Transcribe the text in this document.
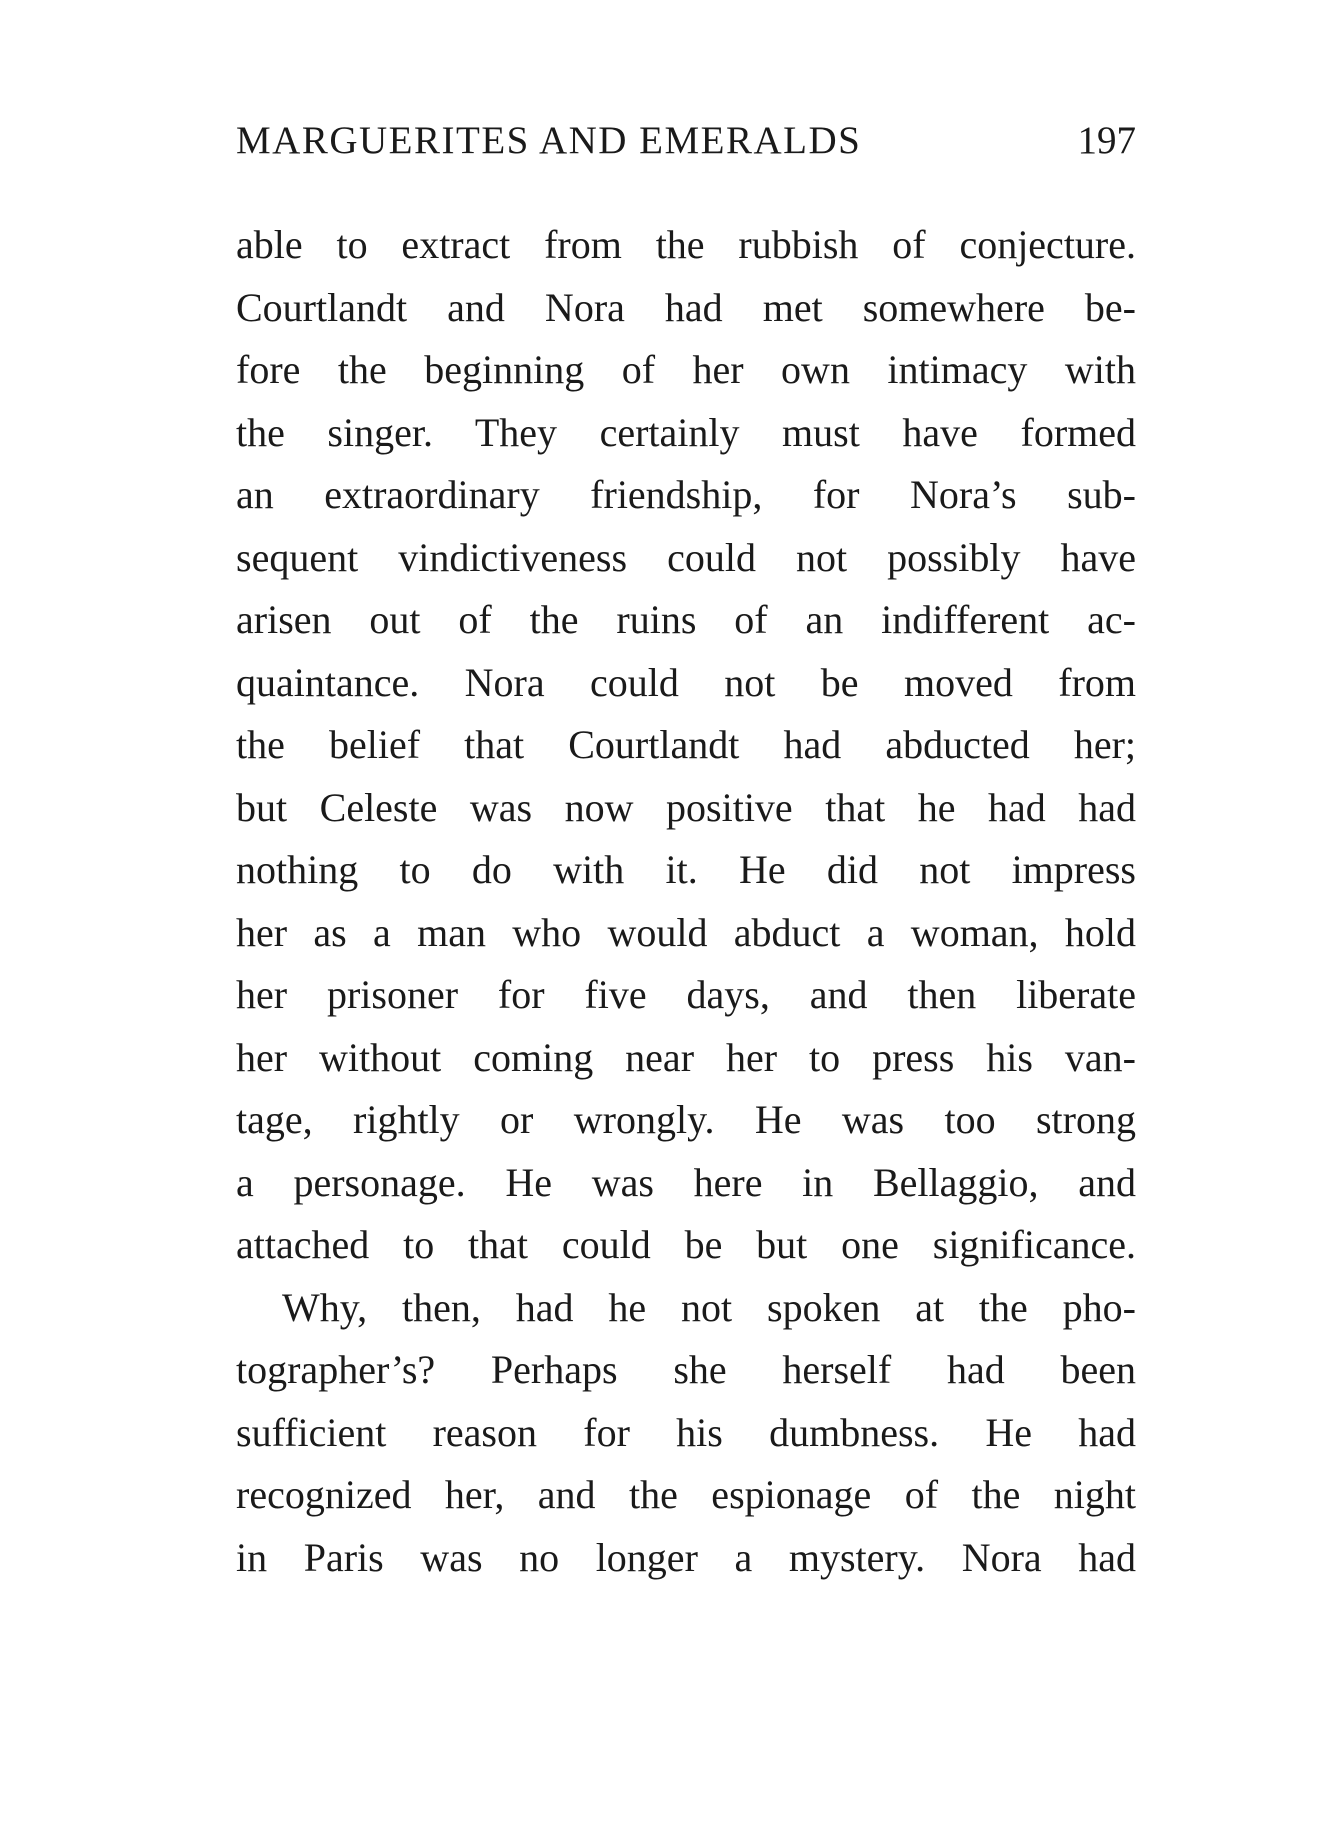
MARGUERITES AND EMERALDS	197
able to extract from the rubbish of conjecture.
Courtlandt and Nora had met somewhere be-
fore the beginning of her own intimacy with
the singer. They certainly must have formed
an extraordinary friendship, for Nora’s sub-
sequent vindictiveness could not possibly have
arisen out of the ruins of an indifferent ac-
quaintance. Nora could not be moved from
the belief that Courtlandt had abducted her;
but Celeste was now positive that he had had
nothing to do with it. He did not impress
her as a man who would abduct a woman, hold
her prisoner for five days, and then liberate
her without coming near her to press his van-
tage, rightly or wrongly. He was too strong
a personage. He was here in Bellaggio, and
attached to that could be but one significance.
Why, then, had he not spoken at the pho-
tographer’s? Perhaps she herself had been
sufficient reason for his dumbness. He had
recognized her, and the espionage of the night
in Paris was no longer a mystery. Nora had
